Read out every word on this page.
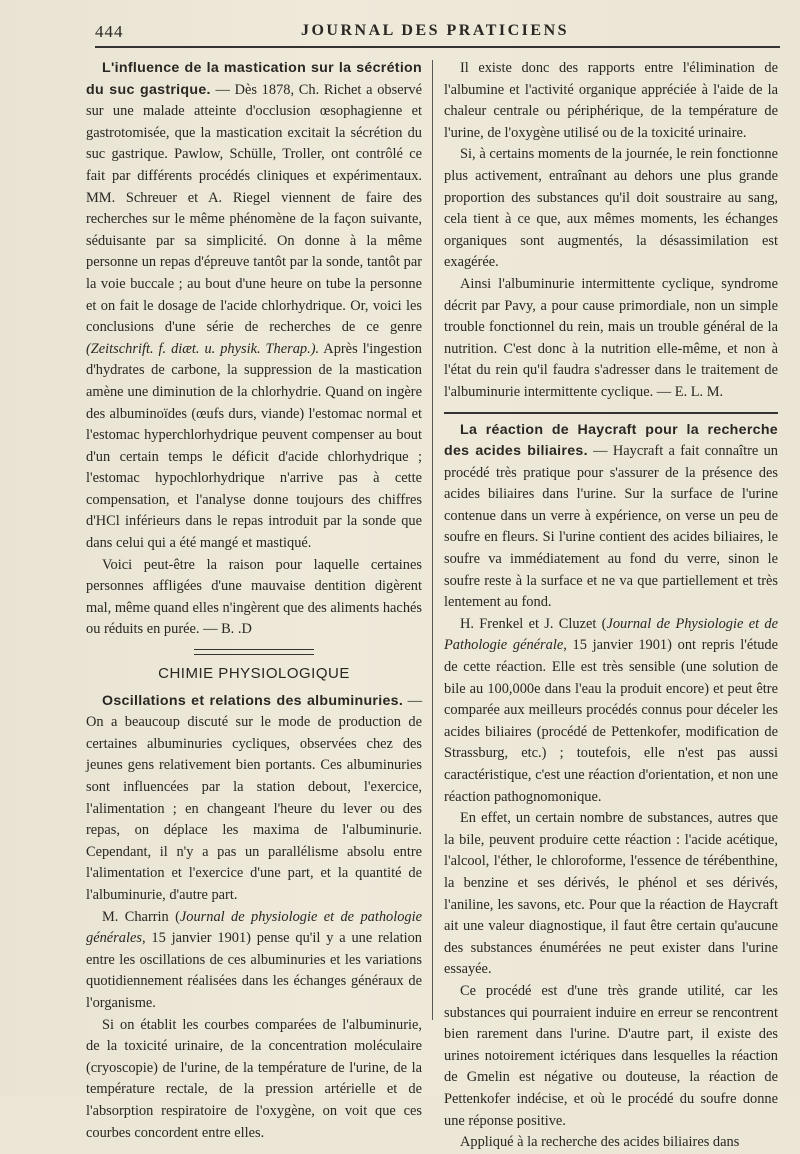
444	JOURNAL DES PRATICIENS

L'influence de la mastication sur la sécrétion du suc gastrique. — Dès 1878, Ch. Richet a observé sur une malade atteinte d'occlusion œsophagienne et gastrotomisée, que la mastication excitait la sécrétion du suc gastrique. Pawlow, Schülle, Troller, ont contrôlé ce fait par différents procédés cliniques et expérimentaux. MM. Schreuer et A. Riegel viennent de faire des recherches sur le même phénomène de la façon suivante, séduisante par sa simplicité. On donne à la même personne un repas d'épreuve tantôt par la sonde, tantôt par la voie buccale ; au bout d'une heure on tube la personne et on fait le dosage de l'acide chlorhydrique. Or, voici les conclusions d'une série de recherches de ce genre (Zeitschrift. f. diæt. u. physik. Therap.). Après l'ingestion d'hydrates de carbone, la suppression de la mastication amène une diminution de la chlorhydrie. Quand on ingère des albuminoïdes (œufs durs, viande) l'estomac normal et l'estomac hyperchlorhydrique peuvent compenser au bout d'un certain temps le déficit d'acide chlorhydrique ; l'estomac hypochlorhydrique n'arrive pas à cette compensation, et l'analyse donne toujours des chiffres d'HCl inférieurs dans le repas introduit par la sonde que dans celui qui a été mangé et mastiqué.

Voici peut-être la raison pour laquelle certaines personnes affligées d'une mauvaise dentition digèrent mal, même quand elles n'ingèrent que des aliments hachés ou réduits en purée. — B. .D

CHIMIE PHYSIOLOGIQUE

Oscillations et relations des albuminuries. — On a beaucoup discuté sur le mode de production de certaines albuminuries cycliques, observées chez des jeunes gens relativement bien portants. Ces albuminuries sont influencées par la station debout, l'exercice, l'alimentation ; en changeant l'heure du lever ou des repas, on déplace les maxima de l'albuminurie. Cependant, il n'y a pas un parallélisme absolu entre l'alimentation et l'exercice d'une part, et la quantité de l'albuminurie, d'autre part.

M. Charrin (Journal de physiologie et de pathologie générales, 15 janvier 1901) pense qu'il y a une relation entre les oscillations de ces albuminuries et les variations quotidiennement réalisées dans les échanges généraux de l'organisme.

Si on établit les courbes comparées de l'albuminurie, de la toxicité urinaire, de la concentration moléculaire (cryoscopie) de l'urine, de la température de l'urine, de la température rectale, de la pression artérielle et de l'absorption respiratoire de l'oxygène, on voit que ces courbes concordent entre elles.

Il existe donc des rapports entre l'élimination de l'albumine et l'activité organique appréciée à l'aide de la chaleur centrale ou périphérique, de la température de l'urine, de l'oxygène utilisé ou de la toxicité urinaire.

Si, à certains moments de la journée, le rein fonctionne plus activement, entraînant au dehors une plus grande proportion des substances qu'il doit soustraire au sang, cela tient à ce que, aux mêmes moments, les échanges organiques sont augmentés, la désassimilation est exagérée.

Ainsi l'albuminurie intermittente cyclique, syndrome décrit par Pavy, a pour cause primordiale, non un simple trouble fonctionnel du rein, mais un trouble général de la nutrition. C'est donc à la nutrition elle-même, et non à l'état du rein qu'il faudra s'adresser dans le traitement de l'albuminurie intermittente cyclique. — E. L. M.

La réaction de Haycraft pour la recherche des acides biliaires. — Haycraft a fait connaître un procédé très pratique pour s'assurer de la présence des acides biliaires dans l'urine. Sur la surface de l'urine contenue dans un verre à expérience, on verse un peu de soufre en fleurs. Si l'urine contient des acides biliaires, le soufre va immédiatement au fond du verre, sinon le soufre reste à la surface et ne va que partiellement et très lentement au fond.

H. Frenkel et J. Cluzet (Journal de Physiologie et de Pathologie générale, 15 janvier 1901) ont repris l'étude de cette réaction. Elle est très sensible (une solution de bile au 100,000e dans l'eau la produit encore) et peut être comparée aux meilleurs procédés connus pour déceler les acides biliaires (procédé de Pettenkofer, modification de Strassburg, etc.) ; toutefois, elle n'est pas aussi caractéristique, c'est une réaction d'orientation, et non une réaction pathognomonique.

En effet, un certain nombre de substances, autres que la bile, peuvent produire cette réaction : l'acide acétique, l'alcool, l'éther, le chloroforme, l'essence de térébenthine, la benzine et ses dérivés, le phénol et ses dérivés, l'aniline, les savons, etc. Pour que la réaction de Haycraft ait une valeur diagnostique, il faut être certain qu'aucune des substances énumérées ne peut exister dans l'urine essayée.

Ce procédé est d'une très grande utilité, car les substances qui pourraient induire en erreur se rencontrent bien rarement dans l'urine. D'autre part, il existe des urines notoirement ictériques dans lesquelles la réaction de Gmelin est négative ou douteuse, la réaction de Pettenkofer indécise, et où le procédé du soufre donne une réponse positive.

Appliqué à la recherche des acides biliaires dans
